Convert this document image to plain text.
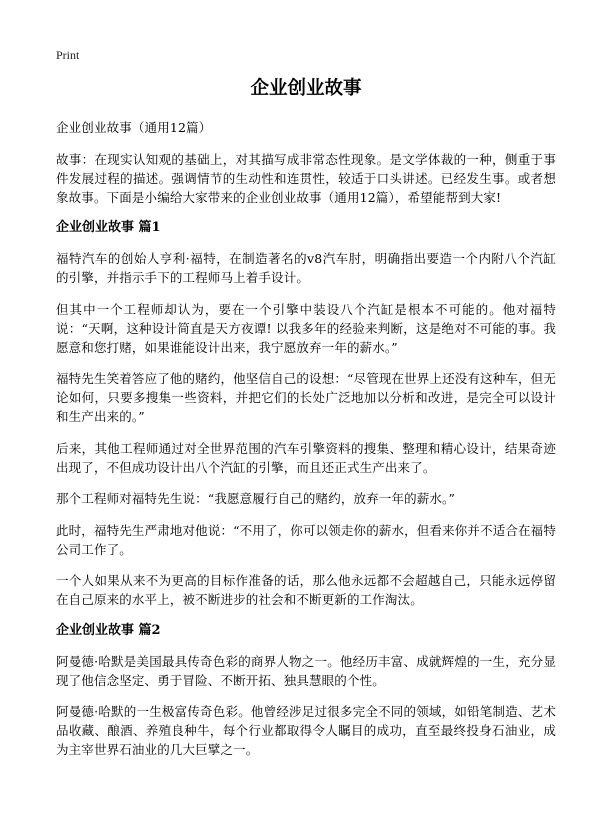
Print
企业创业故事

企业创业故事（通用12篇）

故事：在现实认知观的基础上，对其描写成非常态性现象。是文学体裁的一种，侧重于事件发展过程的描述。强调情节的生动性和连贯性，较适于口头讲述。已经发生事。或者想象故事。下面是小编给大家带来的企业创业故事（通用12篇），希望能帮到大家!

企业创业故事 篇1

福特汽车的创始人亨利·福特，在制造著名的v8汽车肘，明确指出要造一个内附八个汽缸的引擎，并指示手下的工程师马上着手设计。

但其中一个工程师却认为，要在一个引擎中装设八个汽缸是根本不可能的。他对福特说：“天啊，这种设计简直是天方夜谭! 以我多年的经验来判断，这是绝对不可能的事。我愿意和您打赌，如果谁能设计出来，我宁愿放弃一年的薪水。”

福特先生笑着答应了他的赌约，他坚信自己的设想：“尽管现在世界上还没有这种车，但无论如何，只要多搜集一些资料，并把它们的长处广泛地加以分析和改进，是完全可以设计和生产出来的。”

后来，其他工程师通过对全世界范围的汽车引擎资料的搜集、整理和精心设计，结果奇迹出现了，不但成功设计出八个汽缸的引擎，而且还正式生产出来了。

那个工程师对福特先生说：“我愿意履行自己的赌约，放弃一年的薪水。”

此时，福特先生严肃地对他说：“不用了，你可以领走你的薪水，但看来你并不适合在福特公司工作了。

一个人如果从来不为更高的目标作准备的话，那么他永远都不会超越自己，只能永远停留在自己原来的水平上，被不断进步的社会和不断更新的工作淘汰。

企业创业故事 篇2

阿曼德·哈默是美国最具传奇色彩的商界人物之一。他经历丰富、成就辉煌的一生，充分显现了他信念坚定、勇于冒险、不断开拓、独具慧眼的个性。

阿曼德·哈默的一生极富传奇色彩。他曾经涉足过很多完全不同的领域，如铅笔制造、艺术品收藏、酿酒、养殖良种牛，每个行业都取得令人瞩目的成功，直至最终投身石油业，成为主宰世界石油业的几大巨擘之一。
